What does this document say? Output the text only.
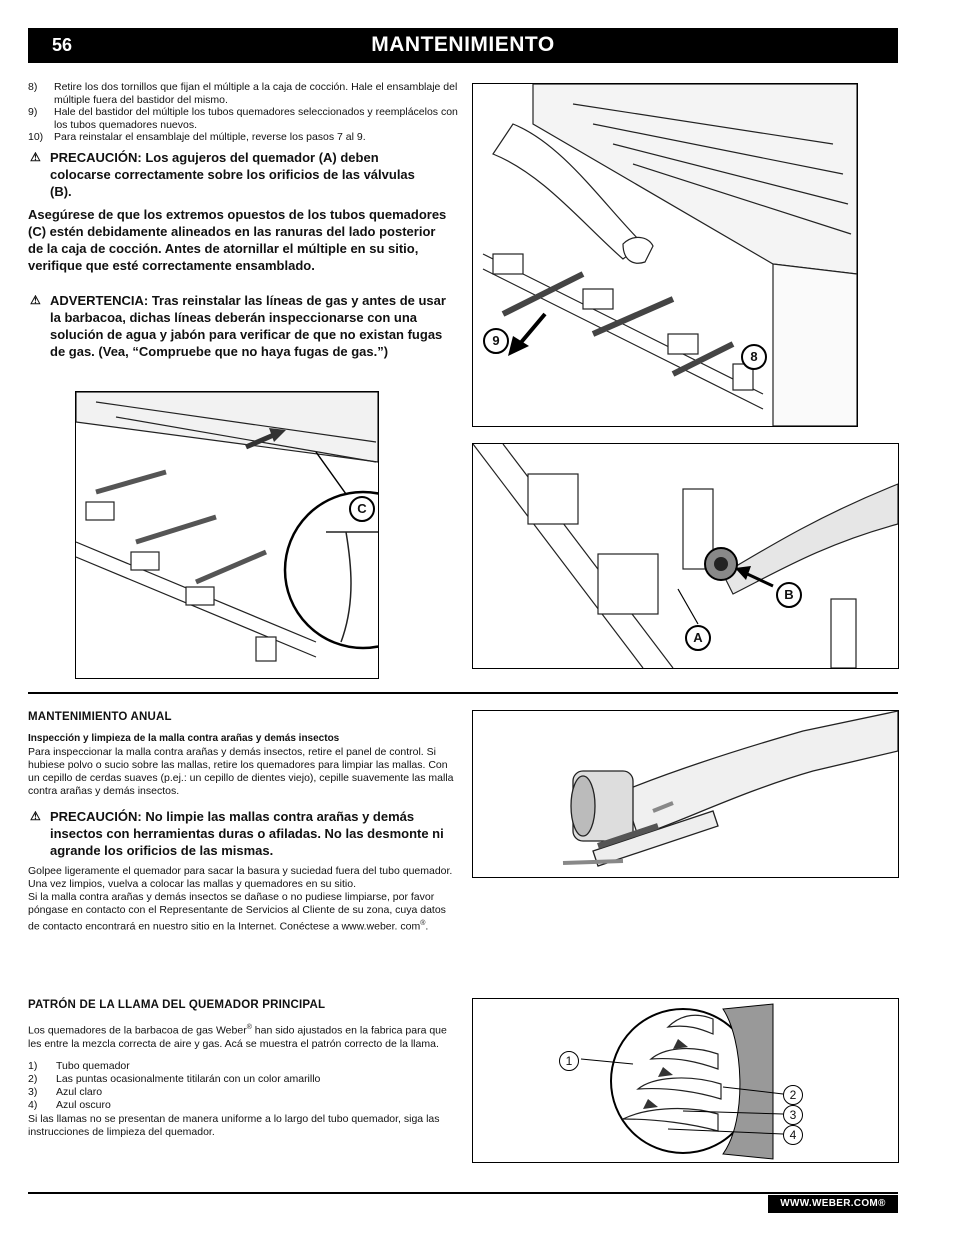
56	MANTENIMIENTO
8)	Retire los dos tornillos que fijan el múltiple a la caja de cocción. Hale el ensamblaje del múltiple fuera del bastidor del mismo.
9)	Hale del bastidor del múltiple los tubos quemadores seleccionados y reemplácelos con los tubos quemadores nuevos.
10)	Para reinstalar el ensamblaje del múltiple, reverse los pasos 7 al 9.
⚠ PRECAUCIÓN: Los agujeros del quemador (A) deben colocarse correctamente sobre los orificios de las válvulas (B).
Asegúrese de que los extremos opuestos de los tubos quemadores (C) estén debidamente alineados en las ranuras del lado posterior de la caja de cocción. Antes de atornillar el múltiple en su sitio, verifique que esté correctamente ensamblado.
⚠ ADVERTENCIA: Tras reinstalar las líneas de gas y antes de usar la barbacoa, dichas líneas deberán inspeccionarse con una solución de agua y jabón para verificar de que no existan fugas de gas. (Vea, “Compruebe que no haya fugas de gas.”)
9
8
C
B
A
MANTENIMIENTO ANUAL
Inspección y limpieza de la malla contra arañas y demás insectos
Para inspeccionar la malla contra arañas y demás insectos, retire el panel de control. Si hubiese polvo o sucio sobre las mallas, retire los quemadores para limpiar las mallas. Con un cepillo de cerdas suaves (p.ej.: un cepillo de dientes viejo), cepille suavemente las malla contra arañas y demás insectos.
⚠ PRECAUCIÓN: No limpie las mallas contra arañas y demás insectos con herramientas duras o afiladas. No las desmonte ni agrande los orificios de las mismas.
Golpee ligeramente el quemador para sacar la basura y suciedad fuera del tubo quemador. Una vez limpios, vuelva a colocar las mallas y quemadores en su sitio.
Si la malla contra arañas y demás insectos se dañase o no pudiese limpiarse, por favor póngase en contacto con el Representante de Servicios al Cliente de su zona, cuya datos de contacto encontrará en nuestro sitio en la Internet. Conéctese a www.weber. com®.
PATRÓN DE LA LLAMA DEL QUEMADOR PRINCIPAL
Los quemadores de la barbacoa de gas Weber® han sido ajustados en la fabrica para que les entre la mezcla correcta de aire y gas. Acá se muestra el patrón correcto de la llama.
1)	Tubo quemador
2)	Las puntas ocasionalmente titilarán con un color amarillo
3)	Azul claro
4)	Azul oscuro
Si las llamas no se presentan de manera uniforme a lo largo del tubo quemador, siga las instrucciones de limpieza del quemador.
1
2
3
4
WWW.WEBER.COM®
